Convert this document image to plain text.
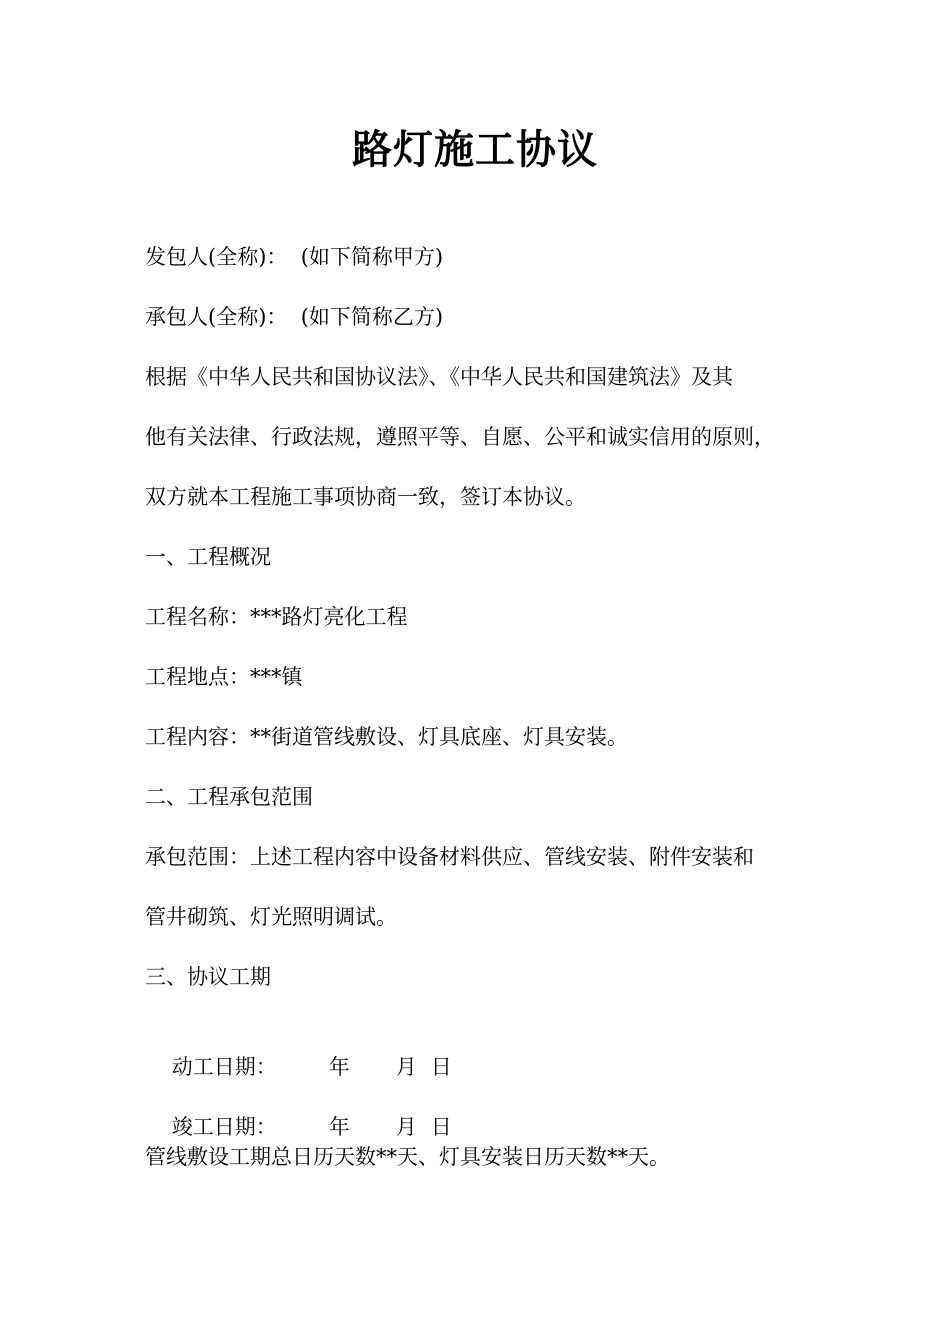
路灯施工协议
发包人(全称)：  (如下简称甲方)
承包人(全称)：  (如下简称乙方)
根据《中华人民共和国协议法》、《中华人民共和国建筑法》及其
他有关法律、行政法规，遵照平等、自愿、公平和诚实信用的原则，
双方就本工程施工事项协商一致，签订本协议。
一、工程概况
工程名称：***路灯亮化工程
工程地点：***镇
工程内容：**街道管线敷设、灯具底座、灯具安装。
二、工程承包范围
承包范围：上述工程内容中设备材料供应、管线安装、附件安装和
管井砌筑、灯光照明调试。
三、协议工期

动工日期： 年 月 日

竣工日期： 年 月 日

管线敷设工期总日历天数**天、灯具安装日历天数**天。
